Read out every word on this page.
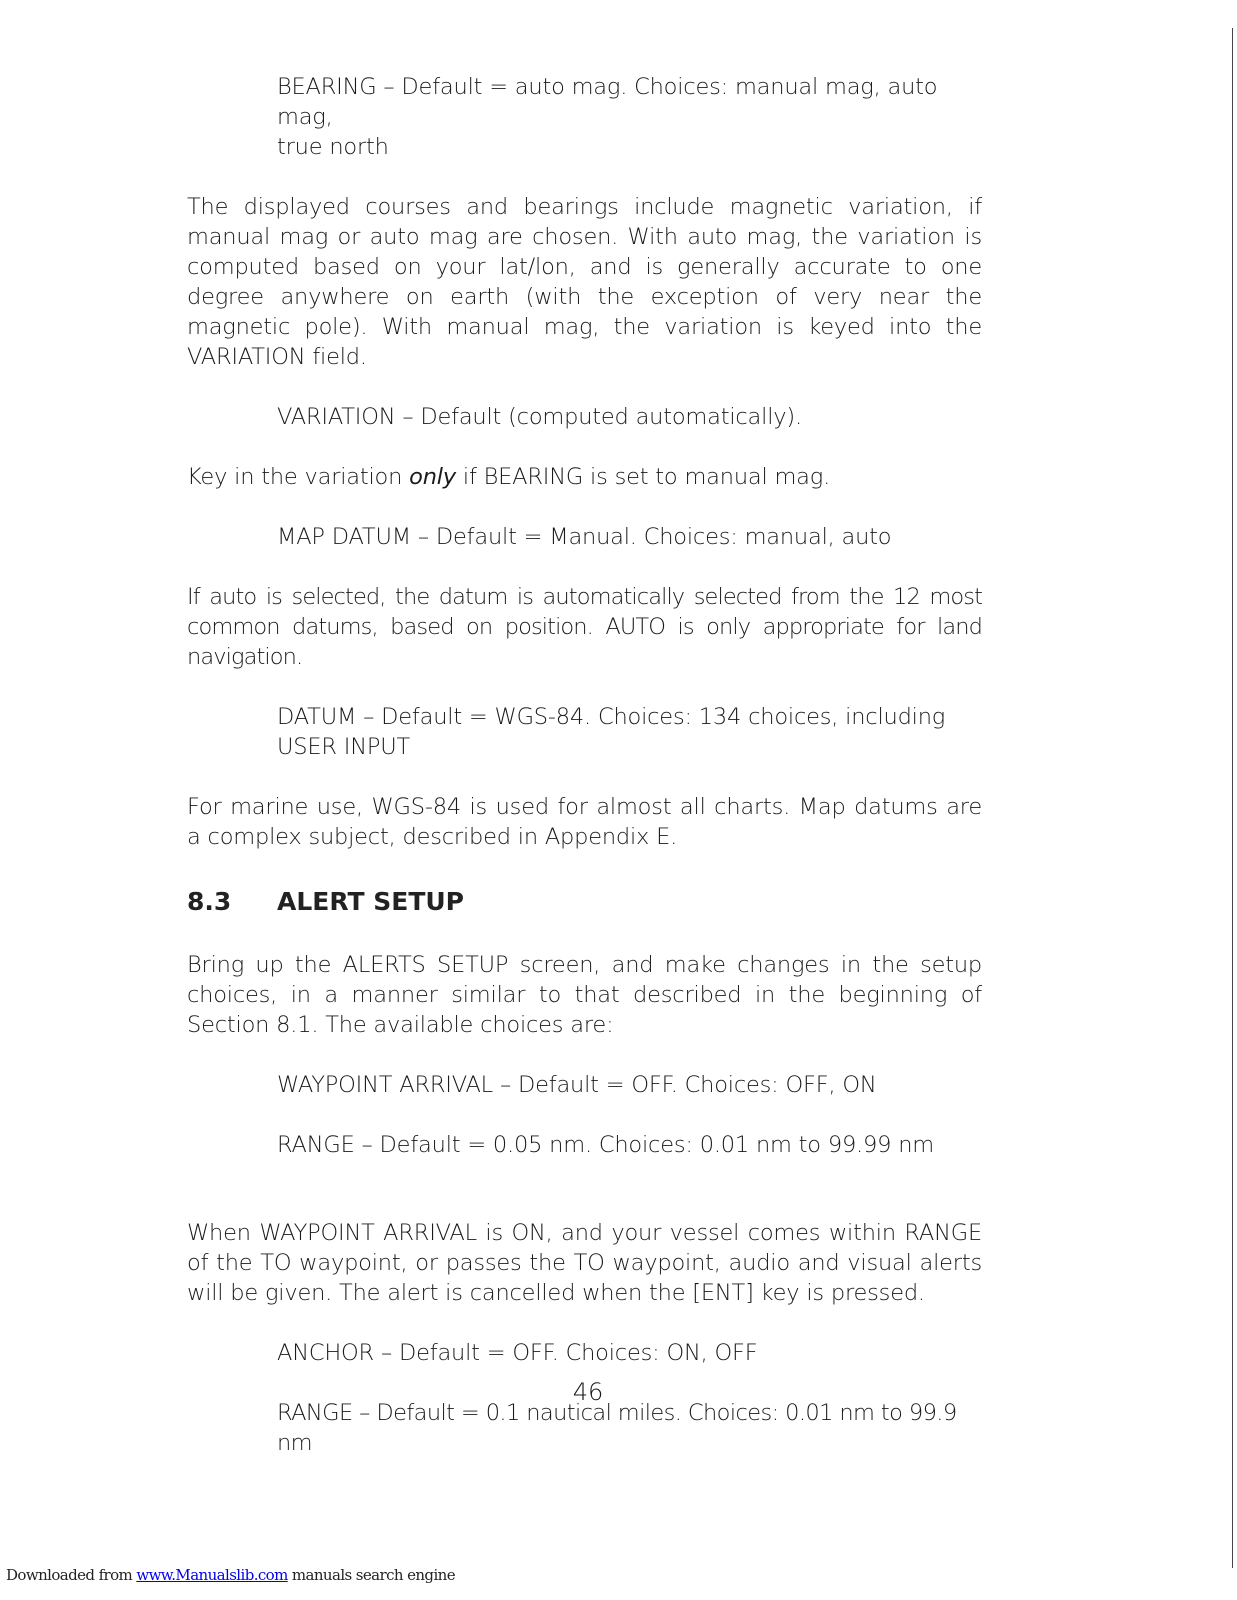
BEARING – Default = auto mag. Choices: manual mag, auto mag,

true north

The displayed courses and bearings include magnetic variation, if manual mag or auto mag are chosen. With auto mag, the variation is computed based on your lat/lon, and is generally accurate to one degree anywhere on earth (with the exception of very near the magnetic pole). With manual mag, the variation is keyed into the VARIATION field.

VARIATION – Default (computed automatically).

Key in the variation only if BEARING is set to manual mag.

MAP DATUM – Default = Manual. Choices: manual, auto

If auto is selected, the datum is automatically selected from the 12 most common datums, based on position. AUTO is only appropriate for land navigation.

DATUM – Default = WGS-84. Choices: 134 choices, including

USER INPUT

For marine use, WGS-84 is used for almost all charts. Map datums are a complex subject, described in Appendix E.

8.3 ALERT SETUP

Bring up the ALERTS SETUP screen, and make changes in the setup choices, in a manner similar to that described in the beginning of Section 8.1. The available choices are:

WAYPOINT ARRIVAL – Default = OFF. Choices: OFF, ON

RANGE – Default = 0.05 nm. Choices: 0.01 nm to 99.99 nm

When WAYPOINT ARRIVAL is ON, and your vessel comes within RANGE of the TO waypoint, or passes the TO waypoint, audio and visual alerts will be given. The alert is cancelled when the [ENT] key is pressed.

ANCHOR – Default = OFF. Choices: ON, OFF

RANGE – Default = 0.1 nautical miles. Choices: 0.01 nm to 99.9 nm

46
Downloaded from www.Manualslib.com manuals search engine
